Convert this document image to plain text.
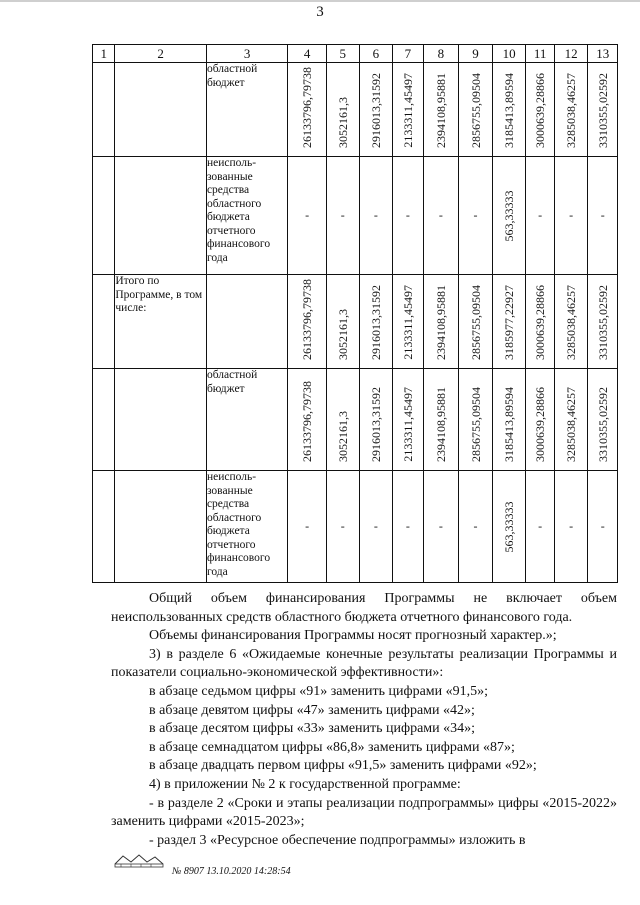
3
1	2	3	4	5	6	7	8	9	10	11	12	13
		областной бюджет	26133796,79738	3052161,3	2916013,31592	2133311,45497	2394108,95881	2856755,09504	3185413,89594	3000639,28866	3285038,46257	3310355,02592

		неисполь-зованные средства областного бюджета отчетного финансового года	-	-	-	-	-	-	563,33333	-	-	-
	Итого по Программе, в том числе:		26133796,79738	3052161,3	2916013,31592	2133311,45497	2394108,95881	2856755,09504	3185977,22927	3000639,28866	3285038,46257	3310355,02592

		областной бюджет	26133796,79738	3052161,3	2916013,31592	2133311,45497	2394108,95881	2856755,09504	3185413,89594	3000639,28866	3285038,46257	3310355,02592

		неисполь-зованные средства областного бюджета отчетного финансового года	-	-	-	-	-	-	563,33333	-	-	-

Общий объем финансирования Программы не включает объем неиспользованных средств областного бюджета отчетного финансового года.

Объемы финансирования Программы носят прогнозный характер.»;

3) в разделе 6 «Ожидаемые конечные результаты реализации Программы и показатели социально-экономической эффективности»:

в абзаце седьмом цифры «91» заменить цифрами «91,5»;

в абзаце девятом цифры «47» заменить цифрами «42»;

в абзаце десятом цифры «33» заменить цифрами «34»;

в абзаце семнадцатом цифры «86,8» заменить цифрами «87»;

в абзаце двадцать первом цифры «91,5» заменить цифрами «92»;

4) в приложении № 2 к государственной программе:

- в разделе 2 «Сроки и этапы реализации подпрограммы» цифры «2015-2022» заменить цифрами «2015-2023»;

- раздел 3 «Ресурсное обеспечение подпрограммы» изложить в

№ 8907 13.10.2020 14:28:54
